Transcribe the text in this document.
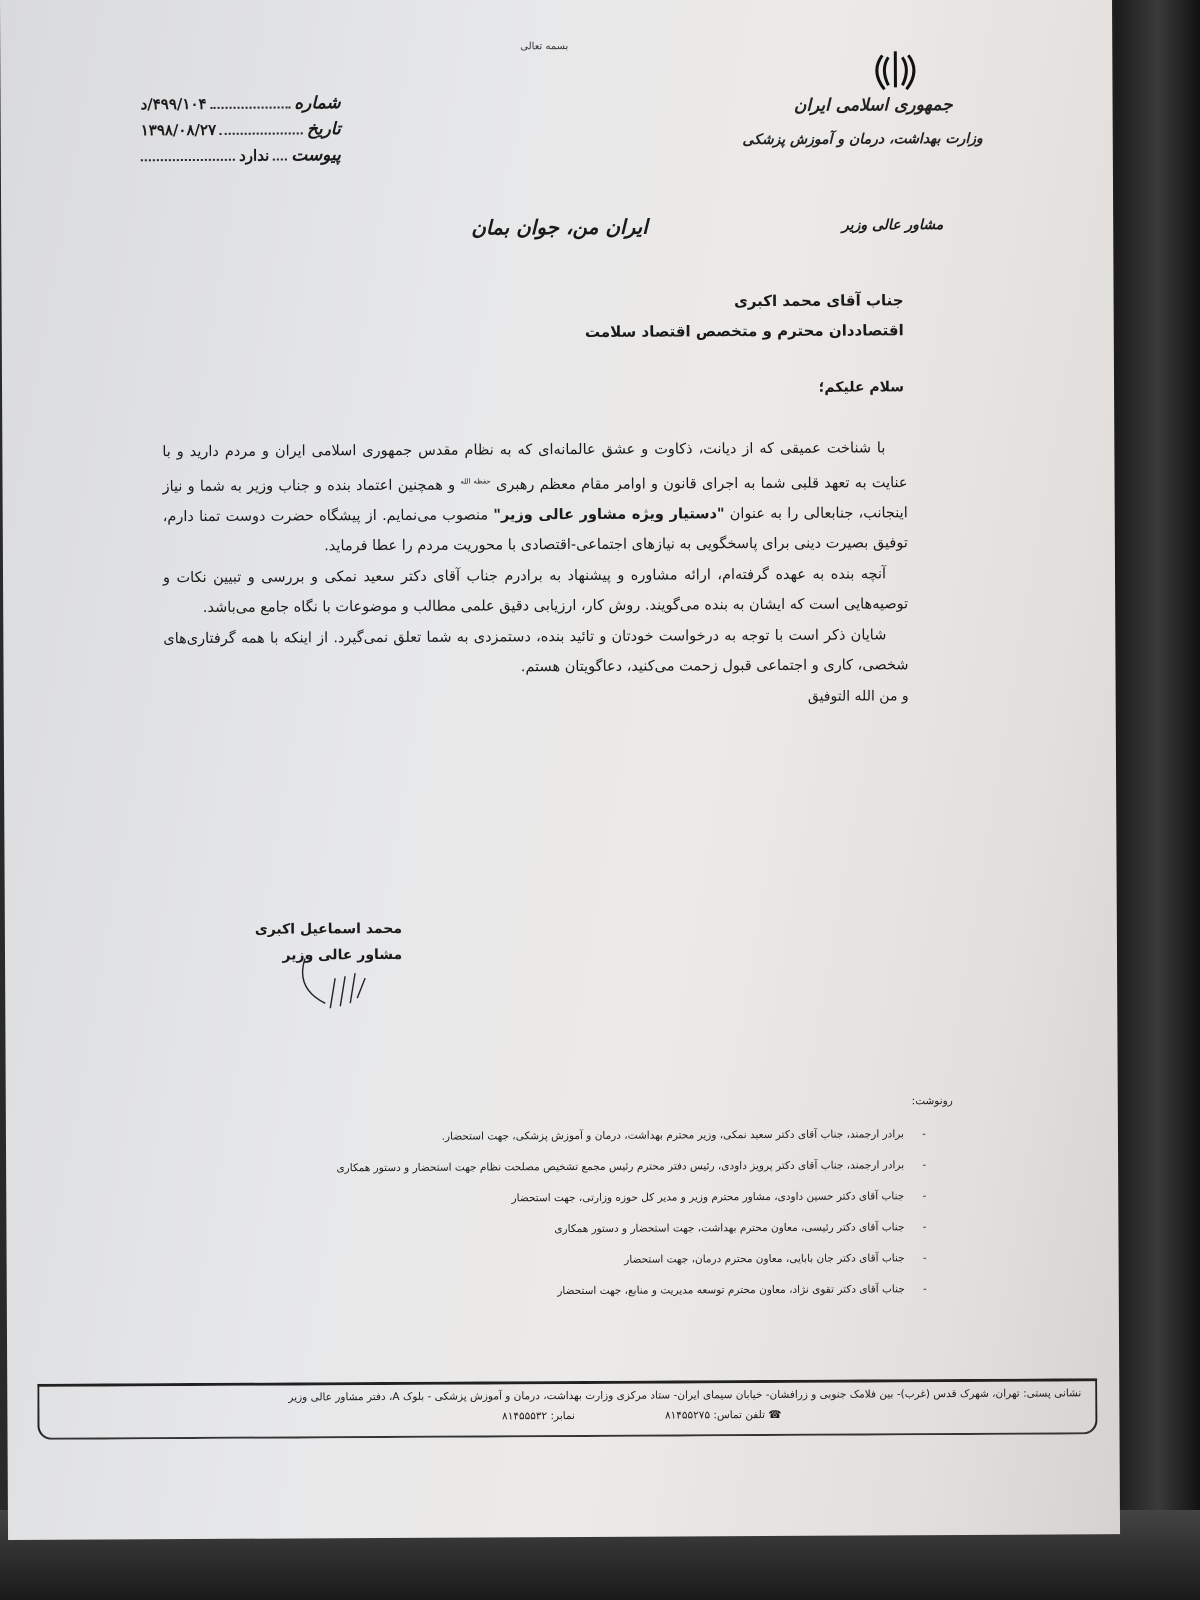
بسمه تعالی
جمهوری اسلامی ایران
وزارت بهداشت، درمان و آموزش پزشکی
شماره
۴۹۹/۱۰۴/د
تاریخ
۱۳۹۸/۰۸/۲۷
پیوست
ندارد
ایران من، جوان بمان	مشاور عالی وزیر
جناب آقای محمد اکبری
اقتصاددان محترم و متخصص اقتصاد سلامت
سلام علیکم؛

با شناخت عمیقی که از دیانت، ذکاوت و عشق عالمانه‌ای که به نظام مقدس جمهوری اسلامی ایران و مردم دارید و با عنایت به تعهد قلبی شما به اجرای قانون و اوامر مقام معظم رهبری $^{حفظه الله}$ و همچنین اعتماد بنده و جناب وزیر به شما و نیاز اینجانب، جنابعالی را به عنوان "دستیار ویژه مشاور عالی وزیر" منصوب می‌نمایم. از پیشگاه حضرت دوست تمنا دارم، توفیق بصیرت دینی برای پاسخگویی به نیازهای اجتماعی-اقتصادی با محوریت مردم را عطا فرماید.

آنچه بنده به عهده گرفته‌ام، ارائه مشاوره و پیشنهاد به برادرم جناب آقای دکتر سعید نمکی و بررسی و تبیین نکات و توصیه‌هایی است که ایشان به بنده می‌گویند. روش کار، ارزیابی دقیق علمی مطالب و موضوعات با نگاه جامع می‌باشد.

شایان ذکر است با توجه به درخواست خودتان و تائید بنده، دستمزدی به شما تعلق نمی‌گیرد. از اینکه با همه گرفتاری‌های شخصی، کاری و اجتماعی قبول زحمت می‌کنید، دعاگویتان هستم.

و من الله التوفیق
محمد اسماعیل اکبری
مشاور عالی وزیر
رونوشت:
- برادر ارجمند، جناب آقای دکتر سعید نمکی، وزیر محترم بهداشت، درمان و آموزش پزشکی، جهت استحضار.
- برادر ارجمند، جناب آقای دکتر پرویز داودی، رئیس دفتر محترم رئیس مجمع تشخیص مصلحت نظام جهت استحضار و دستور همکاری
- جناب آقای دکتر حسین داودی، مشاور محترم وزیر و مدیر کل حوزه وزارتی، جهت استحضار
- جناب آقای دکتر رئیسی، معاون محترم بهداشت، جهت استحضار و دستور همکاری
- جناب آقای دکتر جان بابایی، معاون محترم درمان، جهت استحضار
- جناب آقای دکتر تقوی نژاد، معاون محترم توسعه مدیریت و منابع، جهت استحضار
نشانی پستی: تهران، شهرک قدس (غرب)- بین فلامک جنوبی و زرافشان- خیابان سیمای ایران- ستاد مرکزی وزارت بهداشت، درمان و آموزش پزشکی - بلوک A، دفتر مشاور عالی وزیر
☎ تلفن تماس: ۸۱۴۵۵۲۷۵
نمابر: ۸۱۴۵۵۵۳۲
